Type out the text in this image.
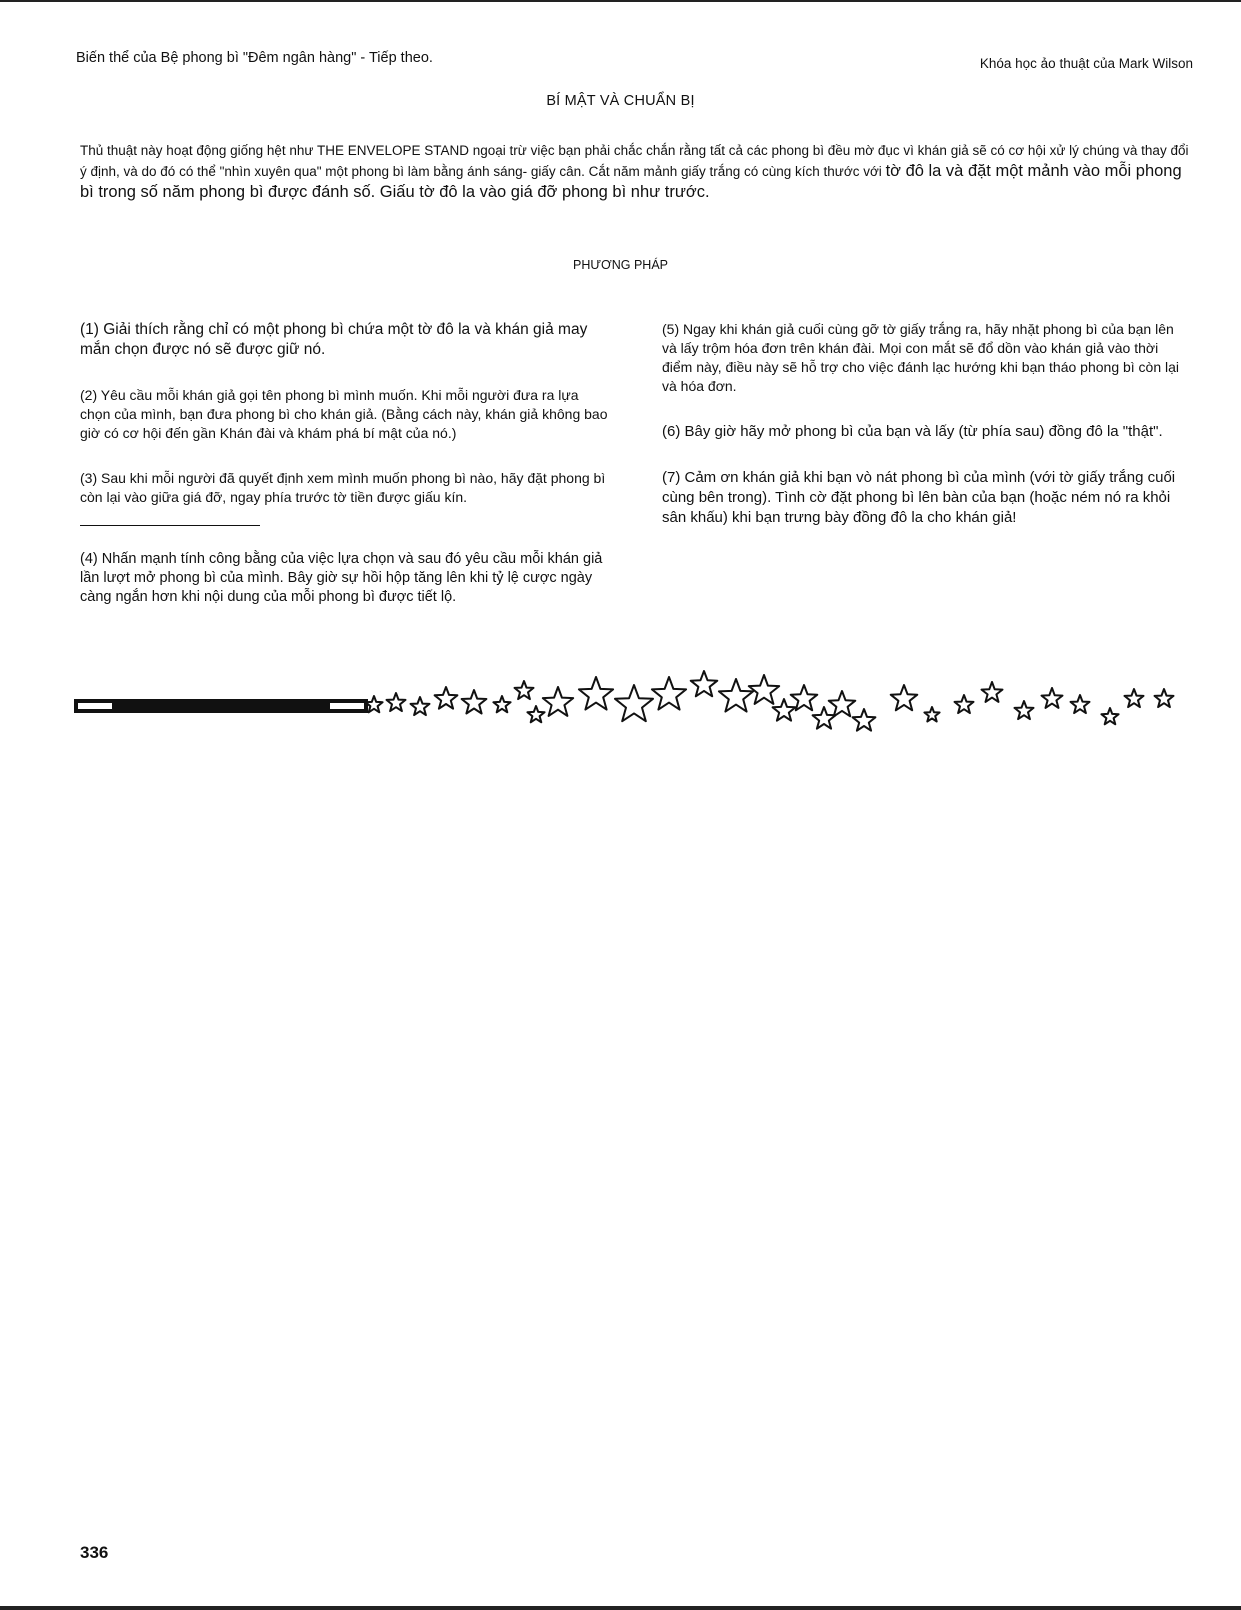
Biến thể của Bệ phong bì "Đêm ngân hàng" - Tiếp theo.	Khóa học ảo thuật của Mark Wilson
BÍ MẬT VÀ CHUẨN BỊ
Thủ thuật này hoạt động giống hệt như THE ENVELOPE STAND ngoại trừ việc bạn phải chắc chắn rằng tất cả các phong bì đều mờ đục vì khán giả sẽ có cơ hội xử lý chúng và thay đổi ý định, và do đó có thể "nhìn xuyên qua" một phong bì làm bằng ánh sáng- giấy cân. Cắt năm mảnh giấy trắng có cùng kích thước với tờ đô la và đặt một mảnh vào mỗi phong bì trong số năm phong bì được đánh số. Giấu tờ đô la vào giá đỡ phong bì như trước.
PHƯƠNG PHÁP

(1) Giải thích rằng chỉ có một phong bì chứa một tờ đô la và khán giả may mắn chọn được nó sẽ được giữ nó.

(2) Yêu cầu mỗi khán giả gọi tên phong bì mình muốn. Khi mỗi người đưa ra lựa chọn của mình, bạn đưa phong bì cho khán giả. (Bằng cách này, khán giả không bao giờ có cơ hội đến gần Khán đài và khám phá bí mật của nó.)

(3) Sau khi mỗi người đã quyết định xem mình muốn phong bì nào, hãy đặt phong bì còn lại vào giữa giá đỡ, ngay phía trước tờ tiền được giấu kín.

(4) Nhấn mạnh tính công bằng của việc lựa chọn và sau đó yêu cầu mỗi khán giả lần lượt mở phong bì của mình. Bây giờ sự hồi hộp tăng lên khi tỷ lệ cược ngày càng ngắn hơn khi nội dung của mỗi phong bì được tiết lộ.

(5) Ngay khi khán giả cuối cùng gỡ tờ giấy trắng ra, hãy nhặt phong bì của bạn lên và lấy trộm hóa đơn trên khán đài. Mọi con mắt sẽ đổ dồn vào khán giả vào thời điểm này, điều này sẽ hỗ trợ cho việc đánh lạc hướng khi bạn tháo phong bì còn lại và hóa đơn.

(6) Bây giờ hãy mở phong bì của bạn và lấy (từ phía sau) đồng đô la "thật".

(7) Cảm ơn khán giả khi bạn vò nát phong bì của mình (với tờ giấy trắng cuối cùng bên trong). Tình cờ đặt phong bì lên bàn của bạn (hoặc ném nó ra khỏi sân khấu) khi bạn trưng bày đồng đô la cho khán giả!

336
